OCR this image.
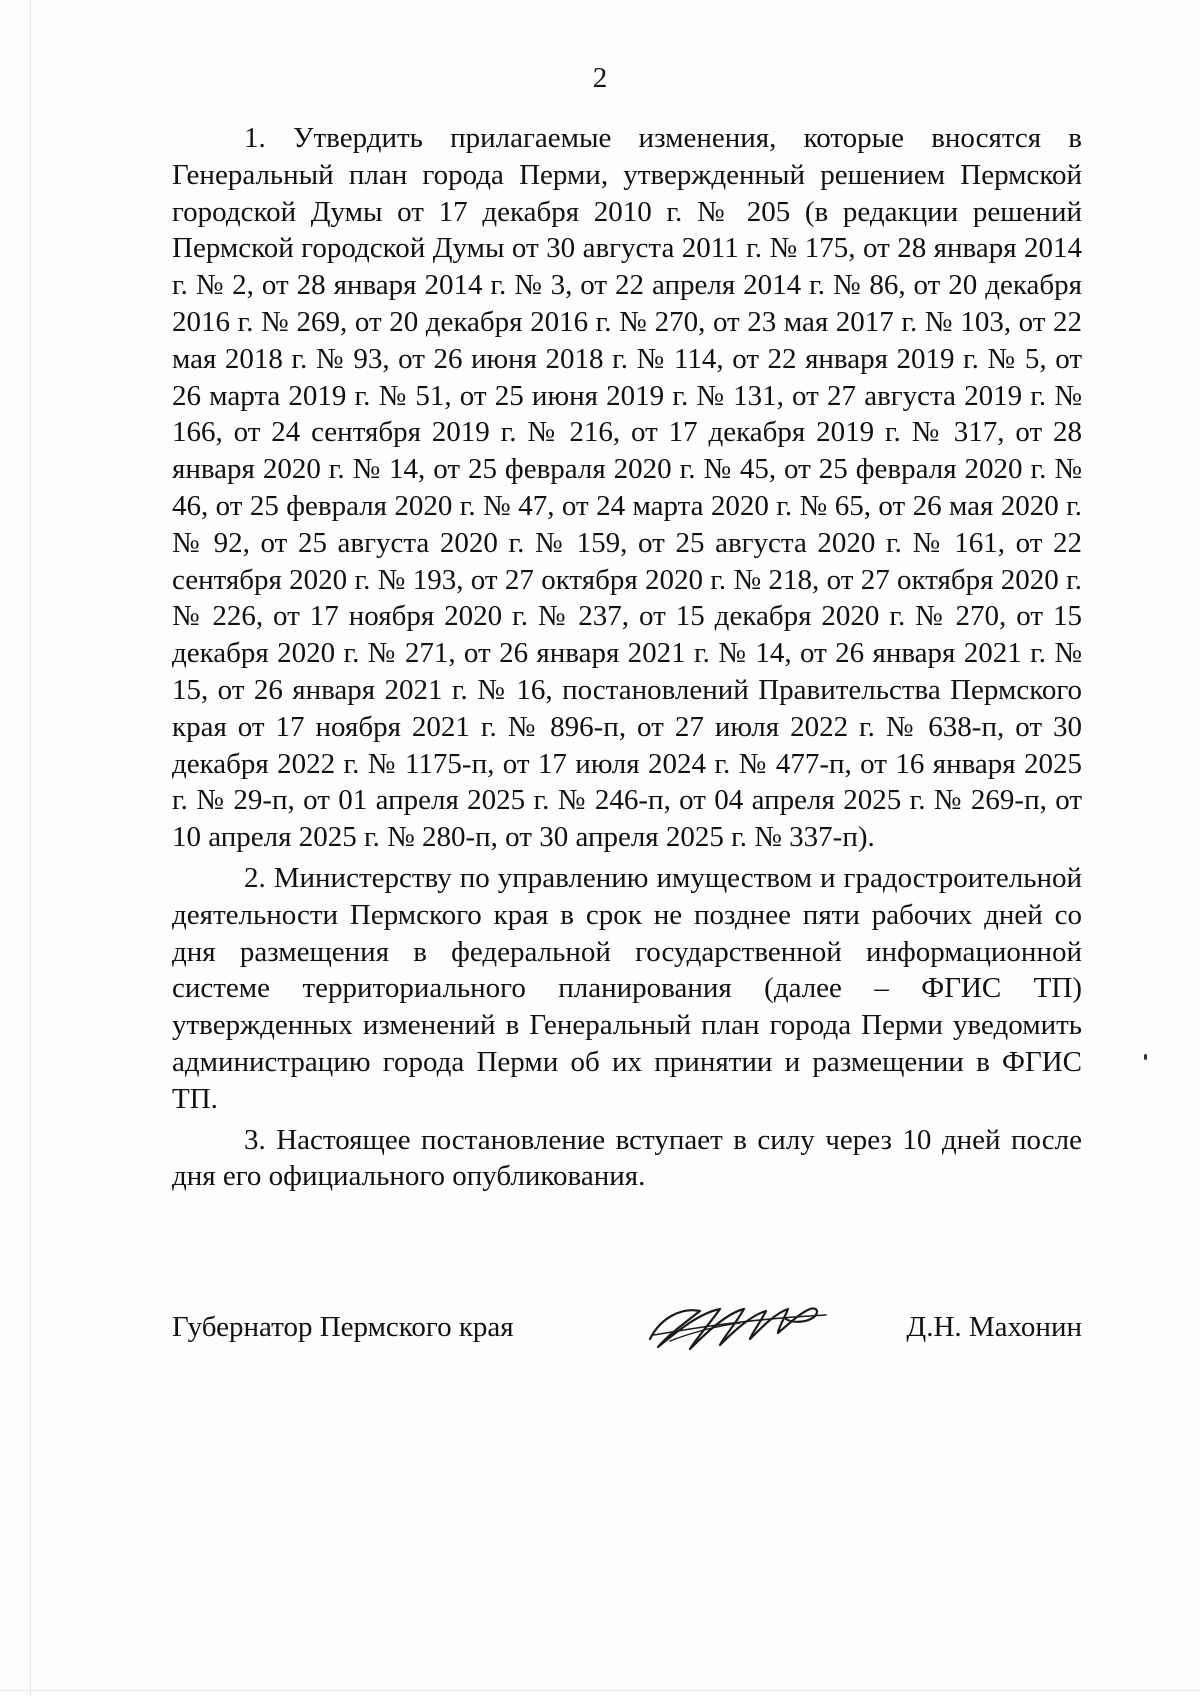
2

1. Утвердить прилагаемые изменения, которые вносятся в Генеральный план города Перми, утвержденный решением Пермской городской Думы от 17 декабря 2010 г. № 205 (в редакции решений Пермской городской Думы от 30 августа 2011 г. № 175, от 28 января 2014 г. № 2, от 28 января 2014 г. № 3, от 22 апреля 2014 г. № 86, от 20 декабря 2016 г. № 269, от 20 декабря 2016 г. № 270, от 23 мая 2017 г. № 103, от 22 мая 2018 г. № 93, от 26 июня 2018 г. № 114, от 22 января 2019 г. № 5, от 26 марта 2019 г. № 51, от 25 июня 2019 г. № 131, от 27 августа 2019 г. № 166, от 24 сентября 2019 г. № 216, от 17 декабря 2019 г. № 317, от 28 января 2020 г. № 14, от 25 февраля 2020 г. № 45, от 25 февраля 2020 г. № 46, от 25 февраля 2020 г. № 47, от 24 марта 2020 г. № 65, от 26 мая 2020 г. № 92, от 25 августа 2020 г. № 159, от 25 августа 2020 г. № 161, от 22 сентября 2020 г. № 193, от 27 октября 2020 г. № 218, от 27 октября 2020 г. № 226, от 17 ноября 2020 г. № 237, от 15 декабря 2020 г. № 270, от 15 декабря 2020 г. № 271, от 26 января 2021 г. № 14, от 26 января 2021 г. № 15, от 26 января 2021 г. № 16, постановлений Правительства Пермского края от 17 ноября 2021 г. № 896-п, от 27 июля 2022 г. № 638-п, от 30 декабря 2022 г. № 1175-п, от 17 июля 2024 г. № 477-п, от 16 января 2025 г. № 29-п, от 01 апреля 2025 г. № 246-п, от 04 апреля 2025 г. № 269-п, от 10 апреля 2025 г. № 280-п, от 30 апреля 2025 г. № 337-п).

2. Министерству по управлению имуществом и градостроительной деятельности Пермского края в срок не позднее пяти рабочих дней со дня размещения в федеральной государственной информационной системе территориального планирования (далее – ФГИС ТП) утвержденных изменений в Генеральный план города Перми уведомить администрацию города Перми об их принятии и размещении в ФГИС ТП.

3. Настоящее постановление вступает в силу через 10 дней после дня его официального опубликования.

Губернатор Пермского края	Д.Н. Махонин
